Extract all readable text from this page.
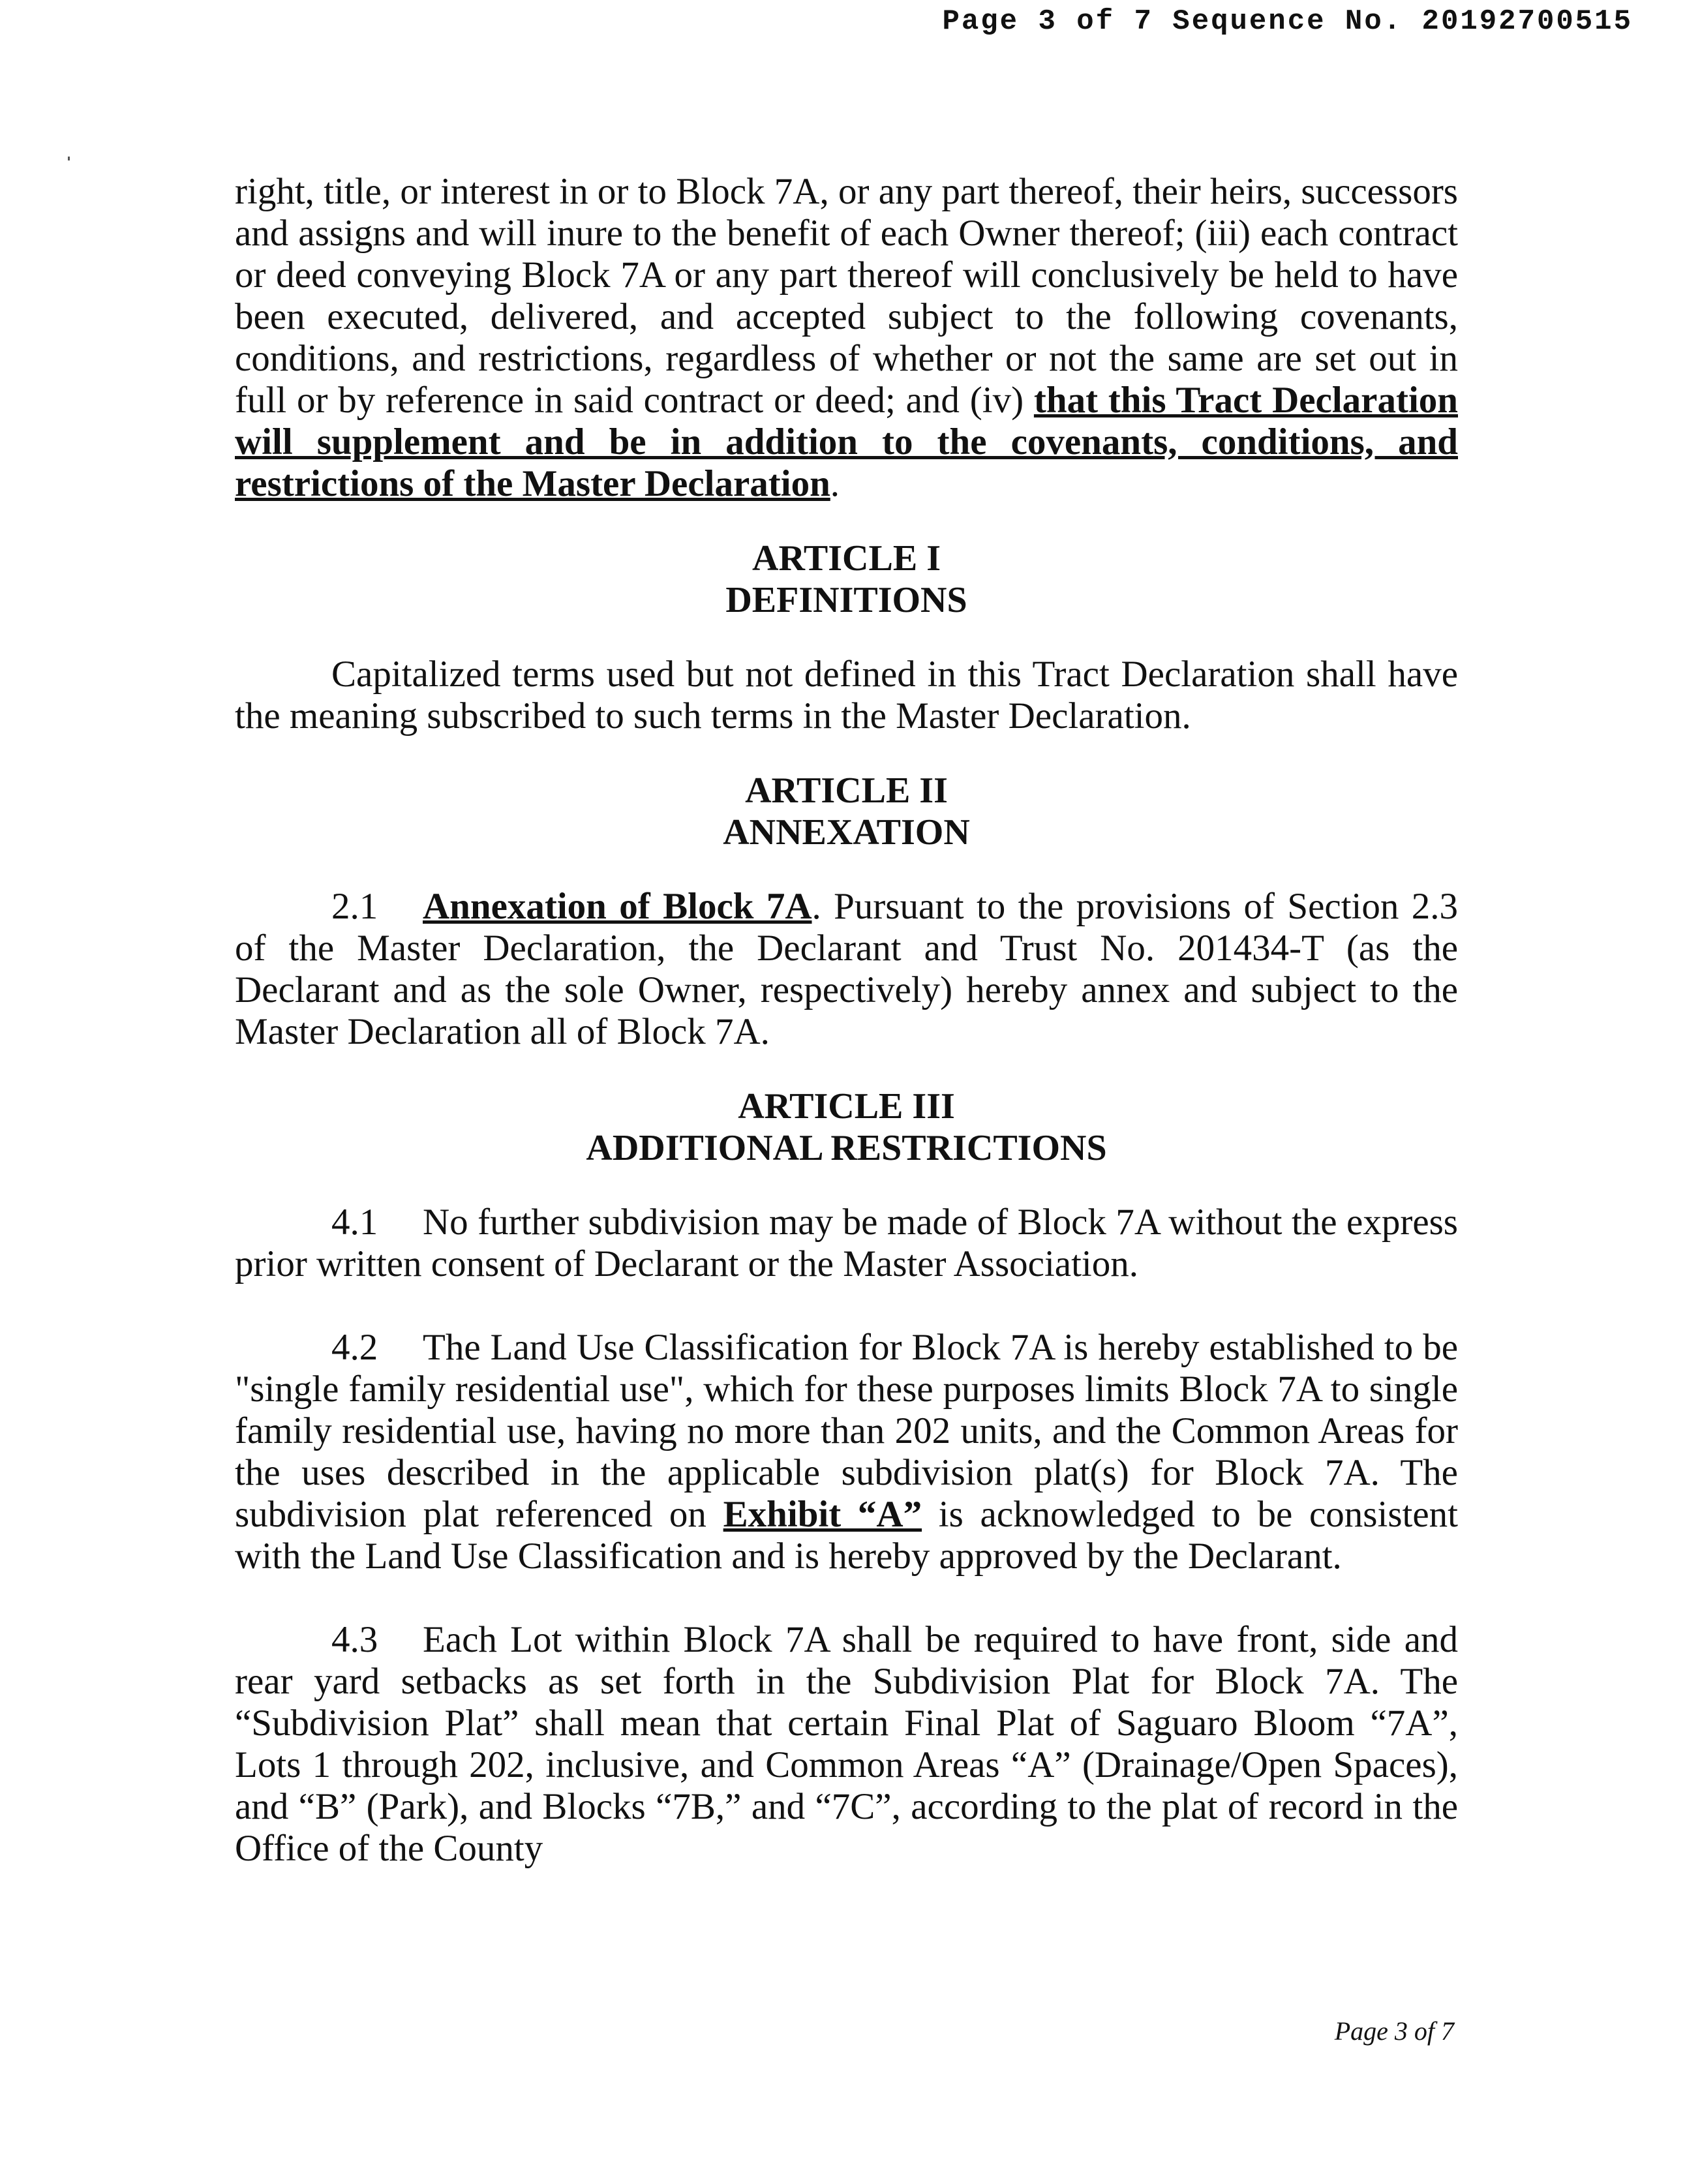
Page 3 of 7 Sequence No. 20192700515

right, title, or interest in or to Block 7A, or any part thereof, their heirs, successors and assigns and will inure to the benefit of each Owner thereof; (iii) each contract or deed conveying Block 7A or any part thereof will conclusively be held to have been executed, delivered, and accepted subject to the following covenants, conditions, and restrictions, regardless of whether or not the same are set out in full or by reference in said contract or deed; and (iv) that this Tract Declaration will supplement and be in addition to the covenants, conditions, and restrictions of the Master Declaration.

ARTICLE I

DEFINITIONS

Capitalized terms used but not defined in this Tract Declaration shall have the meaning subscribed to such terms in the Master Declaration.

ARTICLE II

ANNEXATION

2.1 Annexation of Block 7A. Pursuant to the provisions of Section 2.3 of the Master Declaration, the Declarant and Trust No. 201434-T (as the Declarant and as the sole Owner, respectively) hereby annex and subject to the Master Declaration all of Block 7A.

ARTICLE III

ADDITIONAL RESTRICTIONS

4.1 No further subdivision may be made of Block 7A without the express prior written consent of Declarant or the Master Association.

4.2 The Land Use Classification for Block 7A is hereby established to be "single family residential use", which for these purposes limits Block 7A to single family residential use, having no more than 202 units, and the Common Areas for the uses described in the applicable subdivision plat(s) for Block 7A. The subdivision plat referenced on Exhibit “A” is acknowledged to be consistent with the Land Use Classification and is hereby approved by the Declarant.

4.3 Each Lot within Block 7A shall be required to have front, side and rear yard setbacks as set forth in the Subdivision Plat for Block 7A. The “Subdivision Plat” shall mean that certain Final Plat of Saguaro Bloom “7A”, Lots 1 through 202, inclusive, and Common Areas “A” (Drainage/Open Spaces), and “B” (Park), and Blocks “7B,” and “7C”, according to the plat of record in the Office of the County

Page 3 of 7
